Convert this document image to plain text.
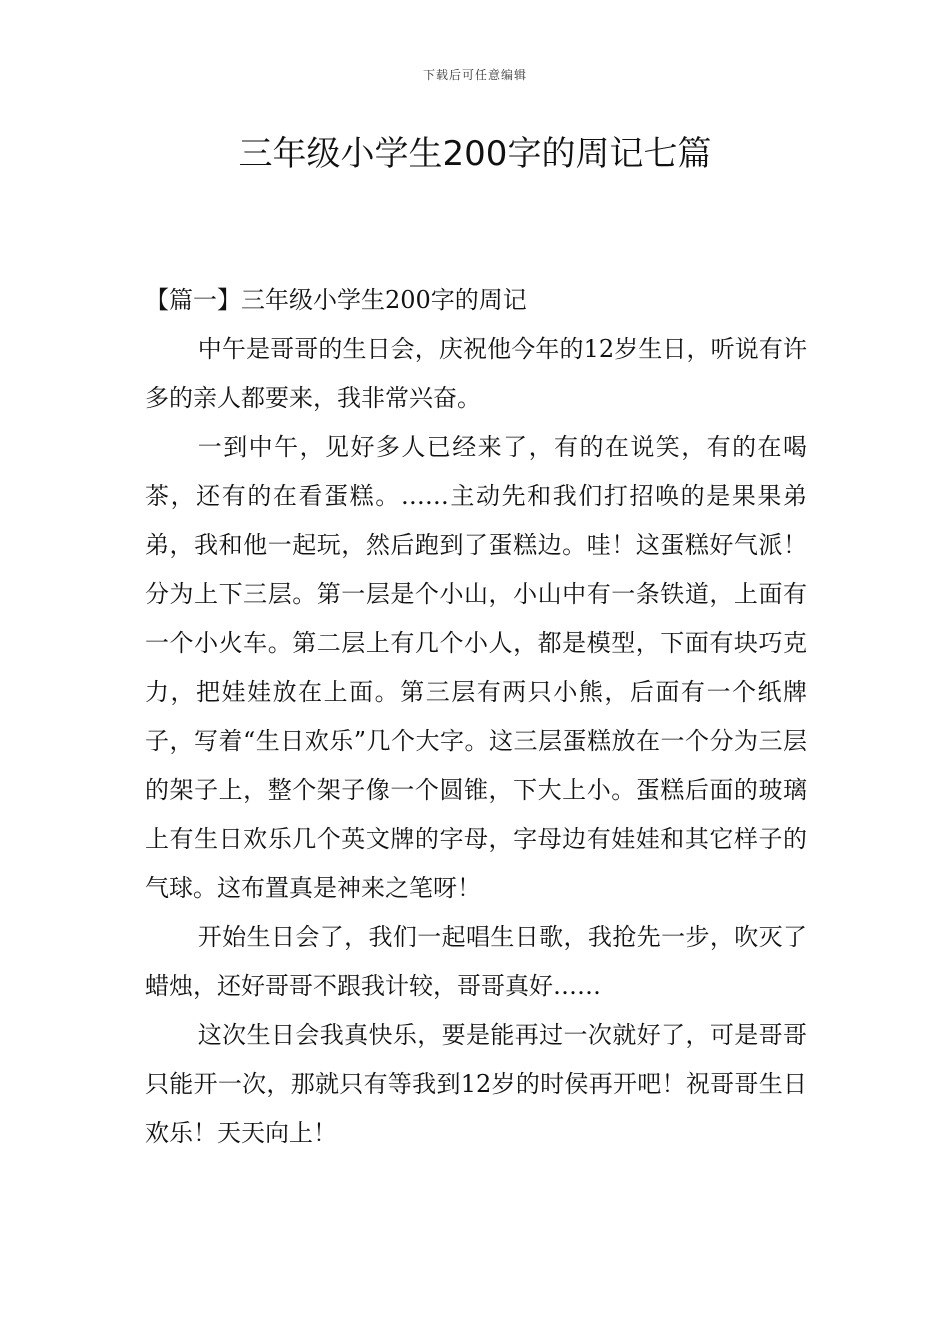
下载后可任意编辑
三年级小学生200字的周记七篇

【篇一】三年级小学生200字的周记

中午是哥哥的生日会，庆祝他今年的12岁生日，听说有许多的亲人都要来，我非常兴奋。

一到中午，见好多人已经来了，有的在说笑，有的在喝茶，还有的在看蛋糕。……主动先和我们打招唤的是果果弟弟，我和他一起玩，然后跑到了蛋糕边。哇！这蛋糕好气派！分为上下三层。第一层是个小山，小山中有一条铁道，上面有一个小火车。第二层上有几个小人，都是模型，下面有块巧克力，把娃娃放在上面。第三层有两只小熊，后面有一个纸牌子，写着“生日欢乐”几个大字。这三层蛋糕放在一个分为三层的架子上，整个架子像一个圆锥，下大上小。蛋糕后面的玻璃上有生日欢乐几个英文牌的字母，字母边有娃娃和其它样子的气球。这布置真是神来之笔呀！

开始生日会了，我们一起唱生日歌，我抢先一步，吹灭了蜡烛，还好哥哥不跟我计较，哥哥真好……

这次生日会我真快乐，要是能再过一次就好了，可是哥哥只能开一次，那就只有等我到12岁的时侯再开吧！祝哥哥生日欢乐！天天向上！
